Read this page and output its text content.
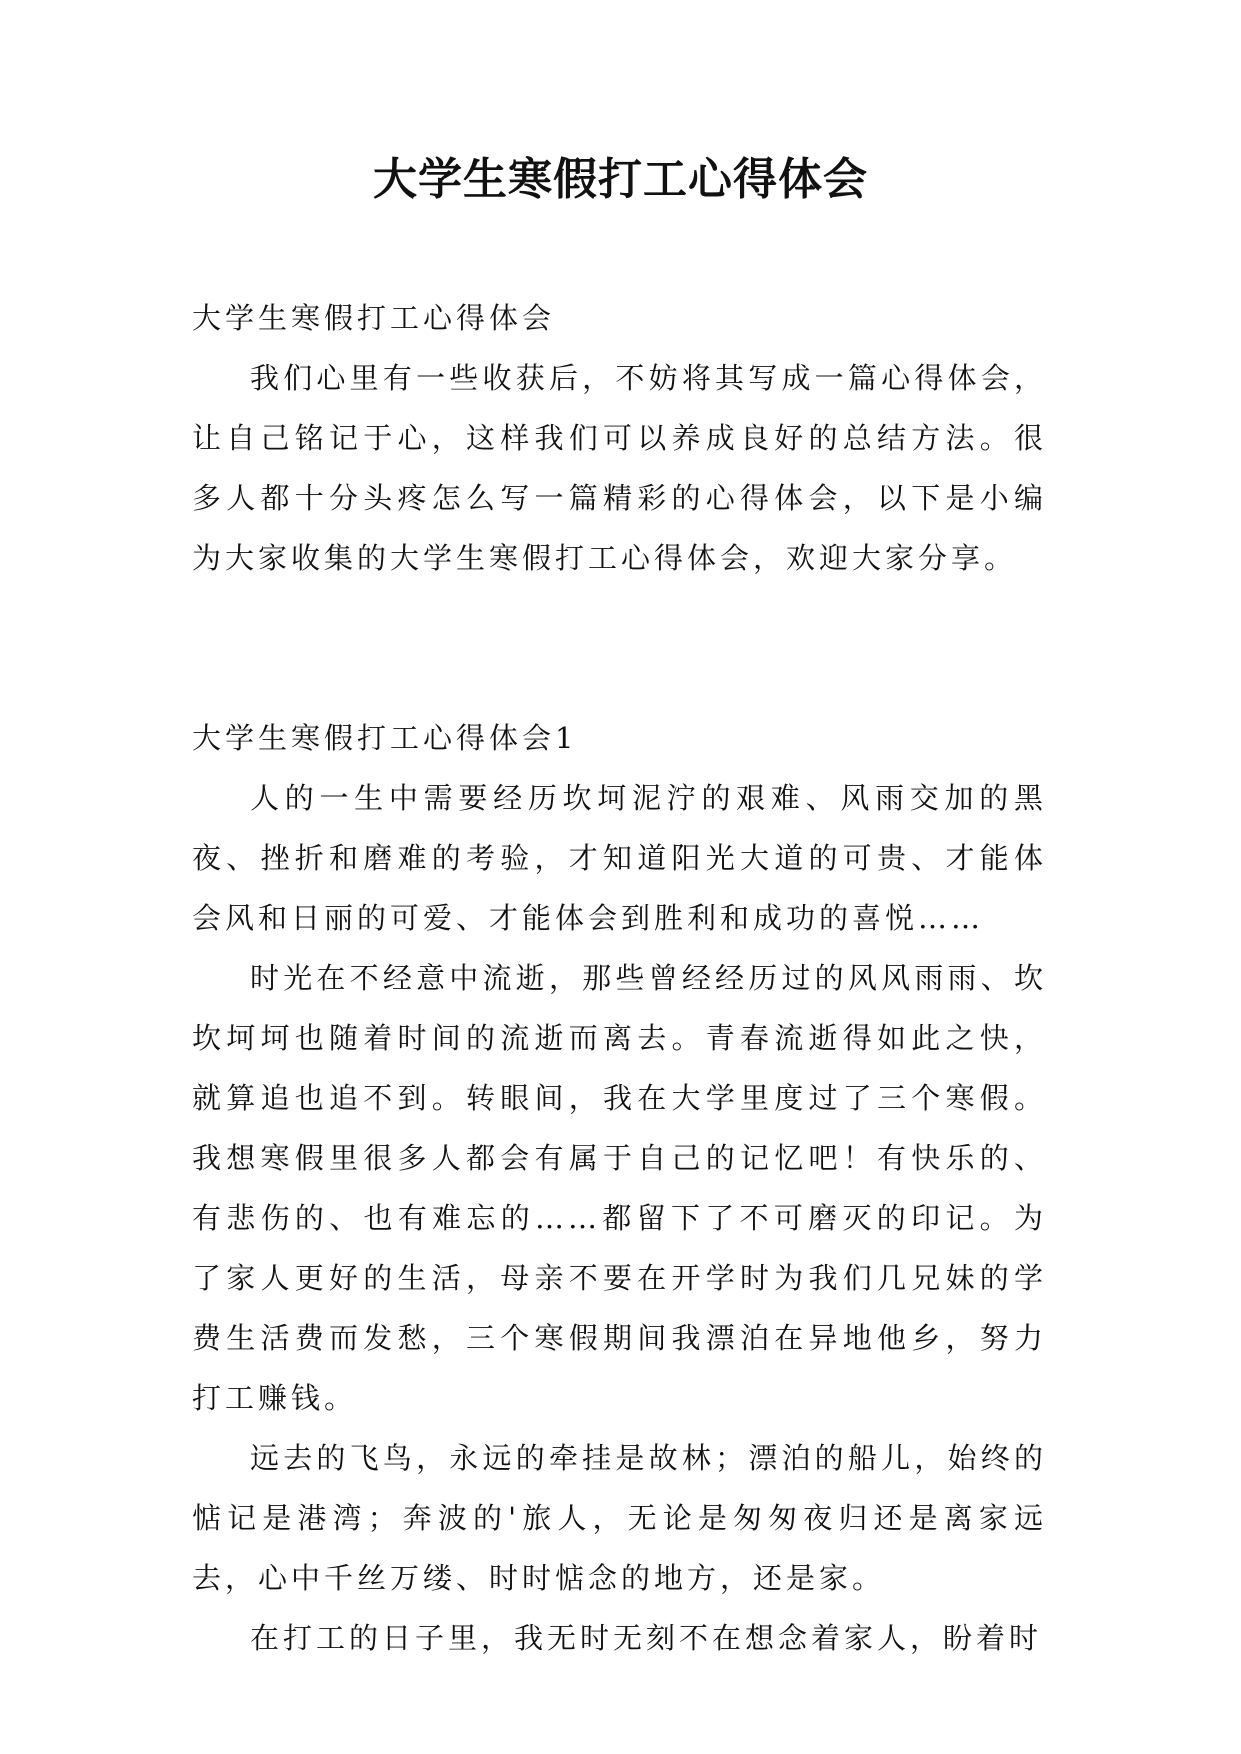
大学生寒假打工心得体会

大学生寒假打工心得体会

我们心里有一些收获后，不妨将其写成一篇心得体会，让自己铭记于心，这样我们可以养成良好的总结方法。很多人都十分头疼怎么写一篇精彩的心得体会，以下是小编为大家收集的大学生寒假打工心得体会，欢迎大家分享。

大学生寒假打工心得体会1

人的一生中需要经历坎坷泥泞的艰难、风雨交加的黑夜、挫折和磨难的考验，才知道阳光大道的可贵、才能体会风和日丽的可爱、才能体会到胜利和成功的喜悦……

时光在不经意中流逝，那些曾经经历过的风风雨雨、坎坎坷坷也随着时间的流逝而离去。青春流逝得如此之快，就算追也追不到。转眼间，我在大学里度过了三个寒假。我想寒假里很多人都会有属于自己的记忆吧！有快乐的、有悲伤的、也有难忘的……都留下了不可磨灭的印记。为了家人更好的生活，母亲不要在开学时为我们几兄妹的学费生活费而发愁，三个寒假期间我漂泊在异地他乡，努力打工赚钱。

远去的飞鸟，永远的牵挂是故林；漂泊的船儿，始终的惦记是港湾；奔波的'旅人，无论是匆匆夜归还是离家远去，心中千丝万缕、时时惦念的地方，还是家。

在打工的日子里，我无时无刻不在想念着家人，盼着时
